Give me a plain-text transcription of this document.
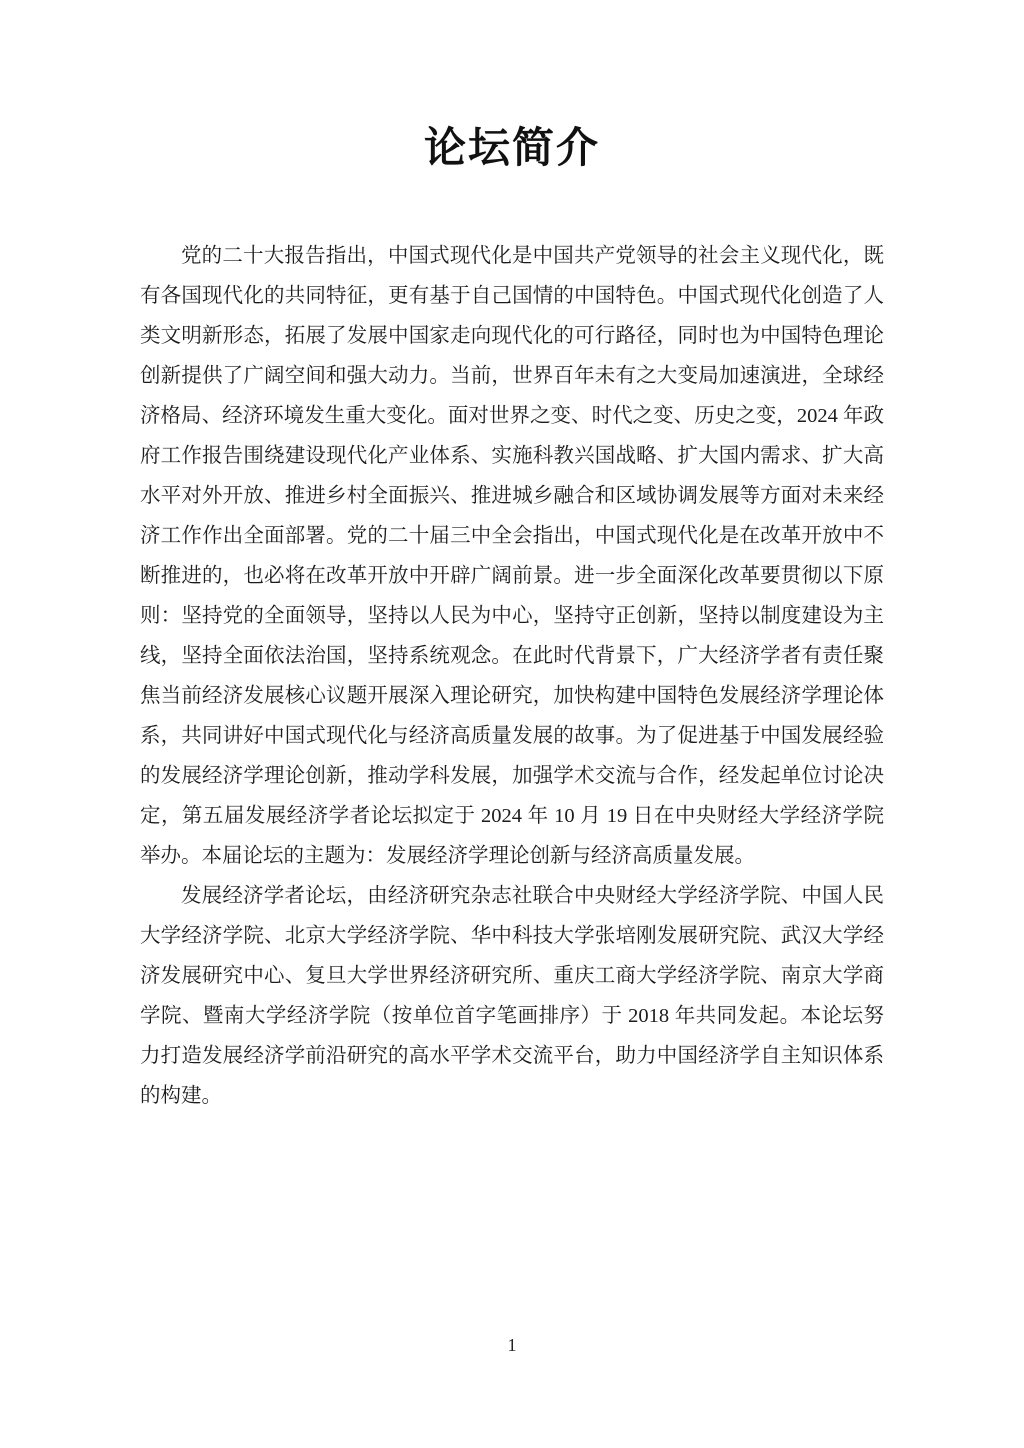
论坛简介

党的二十大报告指出，中国式现代化是中国共产党领导的社会主义现代化，既有各国现代化的共同特征，更有基于自己国情的中国特色。中国式现代化创造了人类文明新形态，拓展了发展中国家走向现代化的可行路径，同时也为中国特色理论创新提供了广阔空间和强大动力。当前，世界百年未有之大变局加速演进，全球经济格局、经济环境发生重大变化。面对世界之变、时代之变、历史之变，2024 年政府工作报告围绕建设现代化产业体系、实施科教兴国战略、扩大国内需求、扩大高水平对外开放、推进乡村全面振兴、推进城乡融合和区域协调发展等方面对未来经济工作作出全面部署。党的二十届三中全会指出，中国式现代化是在改革开放中不断推进的，也必将在改革开放中开辟广阔前景。进一步全面深化改革要贯彻以下原则：坚持党的全面领导，坚持以人民为中心，坚持守正创新，坚持以制度建设为主线，坚持全面依法治国，坚持系统观念。在此时代背景下，广大经济学者有责任聚焦当前经济发展核心议题开展深入理论研究，加快构建中国特色发展经济学理论体系，共同讲好中国式现代化与经济高质量发展的故事。为了促进基于中国发展经验的发展经济学理论创新，推动学科发展，加强学术交流与合作，经发起单位讨论决定，第五届发展经济学者论坛拟定于 2024 年 10 月 19 日在中央财经大学经济学院举办。本届论坛的主题为：发展经济学理论创新与经济高质量发展。

发展经济学者论坛，由经济研究杂志社联合中央财经大学经济学院、中国人民大学经济学院、北京大学经济学院、华中科技大学张培刚发展研究院、武汉大学经济发展研究中心、复旦大学世界经济研究所、重庆工商大学经济学院、南京大学商学院、暨南大学经济学院（按单位首字笔画排序）于 2018 年共同发起。本论坛努力打造发展经济学前沿研究的高水平学术交流平台，助力中国经济学自主知识体系的构建。

1
